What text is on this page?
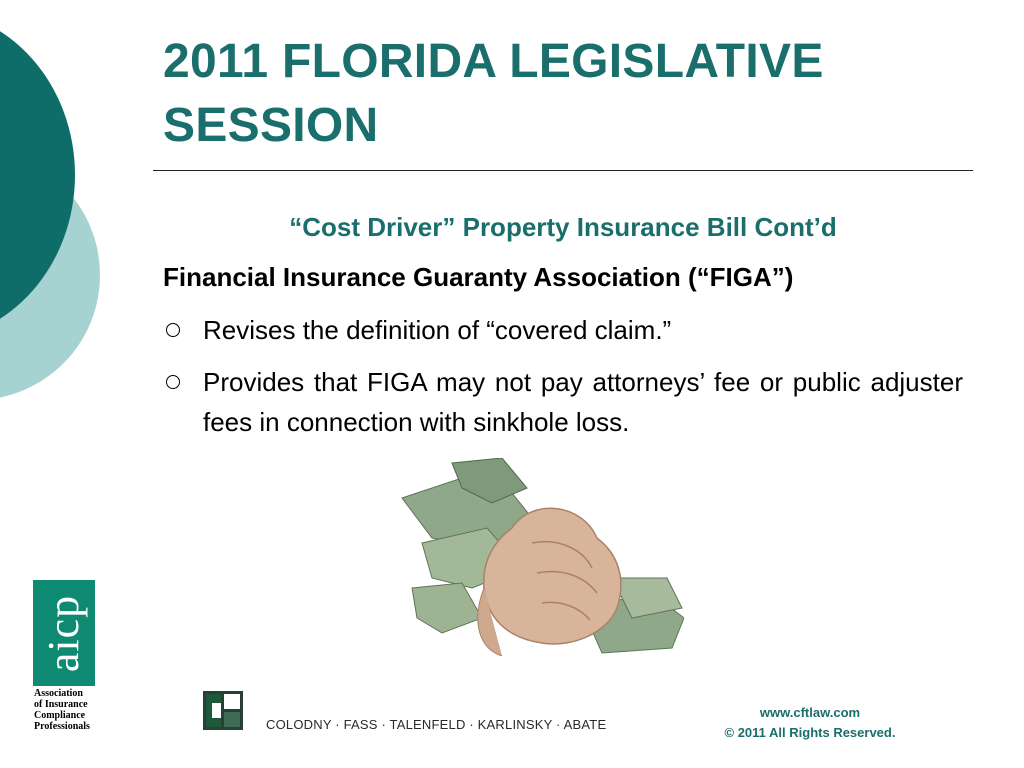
2011 FLORIDA LEGISLATIVE SESSION
“Cost Driver” Property Insurance Bill Cont’d
Financial Insurance Guaranty Association (“FIGA”)
Revises the definition of “covered claim.”
Provides that FIGA may not pay attorneys’ fee or public adjuster fees in connection with sinkhole loss.
aicp
Association
of Insurance
Compliance
Professionals	COLODNY · FASS · TALENFELD · KARLINSKY · ABATE
www.cftlaw.com
© 2011 All Rights Reserved.
